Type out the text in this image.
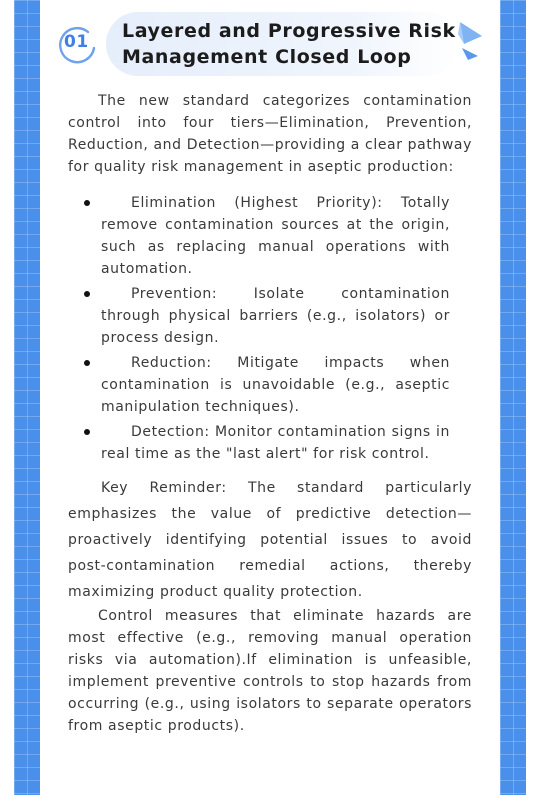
01 Layered and Progressive Risk Management Closed Loop

The new standard categorizes contamination control into four tiers—Elimination, Prevention, Reduction, and Detection—providing a clear pathway for quality risk management in aseptic production:

Elimination (Highest Priority): Totally remove contamination sources at the origin, such as replacing manual operations with automation.
Prevention: Isolate contamination through physical barriers (e.g., isolators) or process design.
Reduction: Mitigate impacts when contamination is unavoidable (e.g., aseptic manipulation techniques).
Detection: Monitor contamination signs in real time as the "last alert" for risk control.

Key Reminder: The standard particularly emphasizes the value of predictive detection—proactively identifying potential issues to avoid post-contamination remedial actions, thereby maximizing product quality protection.

Control measures that eliminate hazards are most effective (e.g., removing manual operation risks via automation).If elimination is unfeasible, implement preventive controls to stop hazards from occurring (e.g., using isolators to separate operators from aseptic products).
